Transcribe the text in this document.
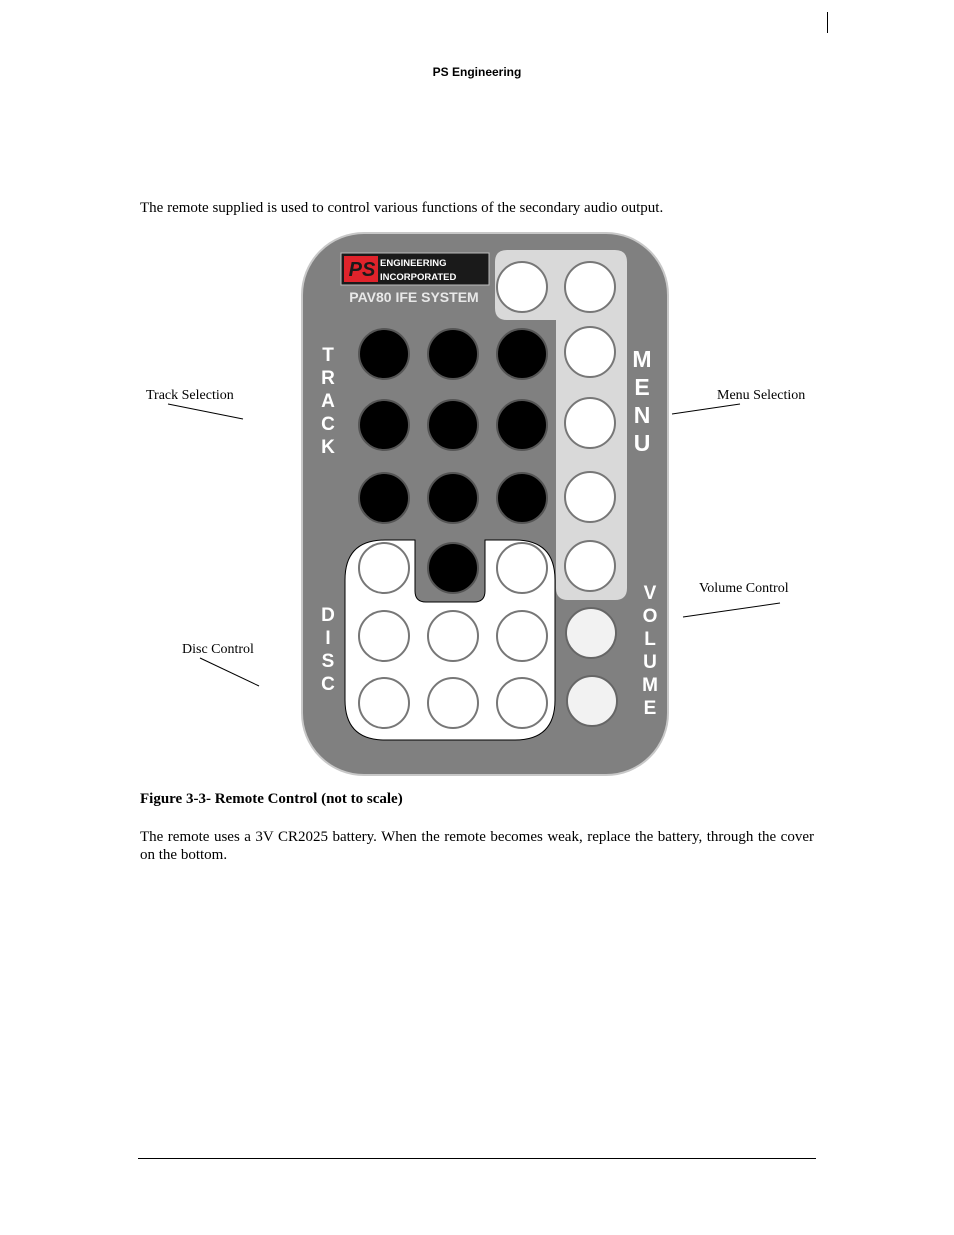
PS Engineering
The remote supplied is used to control various functions of the secondary audio output.
PS ENGINEERING
INCORPORATED
PAV80 IFE SYSTEM
T
R
A
C
K
M
E
N
U
D
I
S
C
V
O
L
U
M
E
Track Selection	Menu Selection
Volume Control
Disc Control
Figure 3-3- Remote Control (not to scale)
The remote uses a 3V CR2025 battery. When the remote becomes weak, replace the battery, through the cover on the bottom.
